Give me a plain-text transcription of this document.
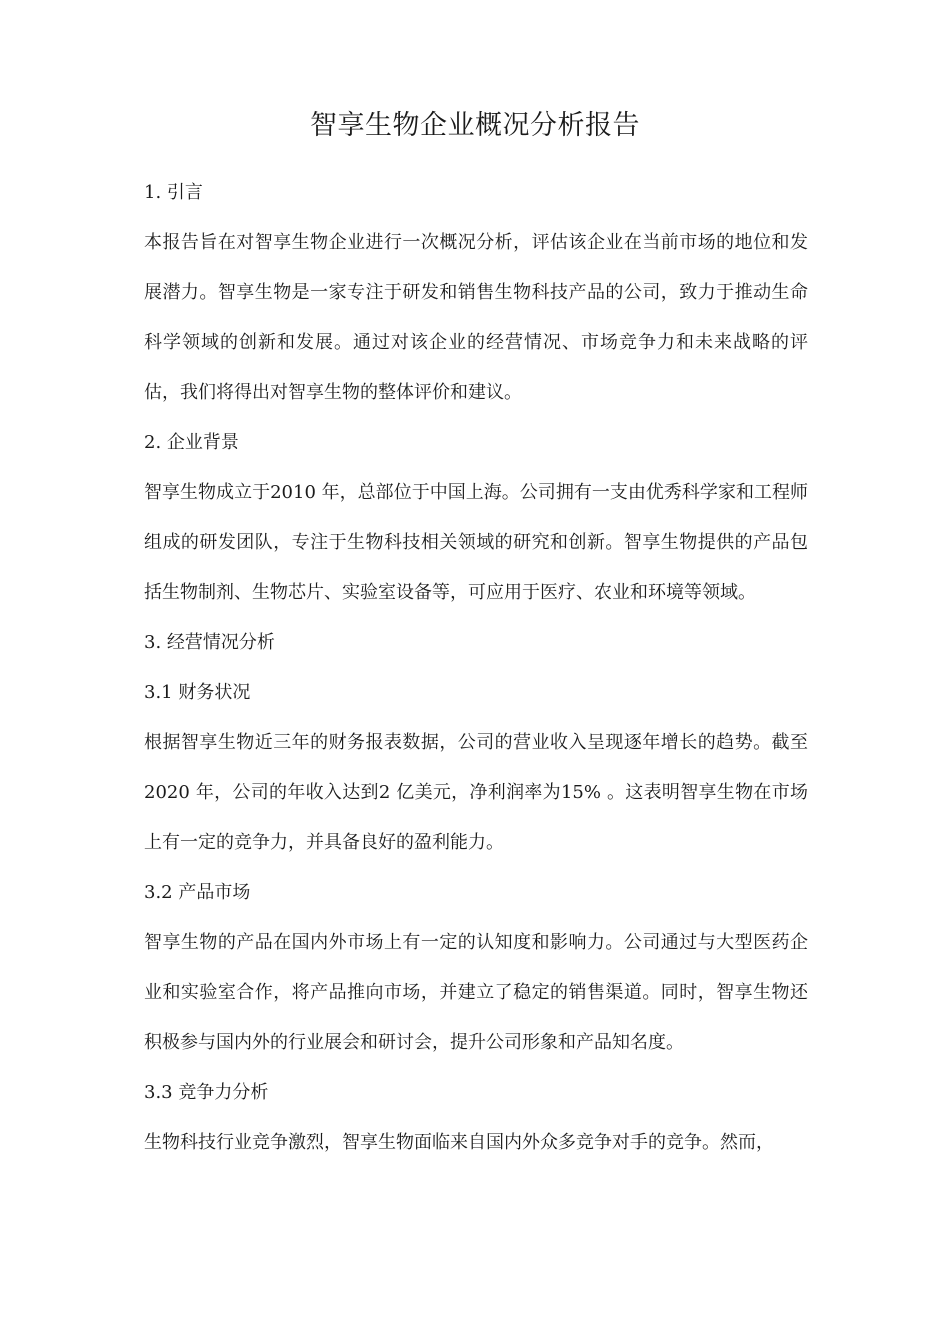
智享生物企业概况分析报告

1. 引言

本报告旨在对智享生物企业进行一次概况分析，评估该企业在当前市场的地位和发展潜力。智享生物是一家专注于研发和销售生物科技产品的公司，致力于推动生命科学领域的创新和发展。通过对该企业的经营情况、市场竞争力和未来战略的评估，我们将得出对智享生物的整体评价和建议。

2. 企业背景

智享生物成立于2010 年，总部位于中国上海。公司拥有一支由优秀科学家和工程师组成的研发团队，专注于生物科技相关领域的研究和创新。智享生物提供的产品包括生物制剂、生物芯片、实验室设备等，可应用于医疗、农业和环境等领域。

3. 经营情况分析

3.1 财务状况

根据智享生物近三年的财务报表数据，公司的营业收入呈现逐年增长的趋势。截至2020 年，公司的年收入达到2 亿美元，净利润率为15% 。这表明智享生物在市场上有一定的竞争力，并具备良好的盈利能力。

3.2 产品市场

智享生物的产品在国内外市场上有一定的认知度和影响力。公司通过与大型医药企业和实验室合作，将产品推向市场，并建立了稳定的销售渠道。同时，智享生物还积极参与国内外的行业展会和研讨会，提升公司形象和产品知名度。

3.3 竞争力分析

生物科技行业竞争激烈，智享生物面临来自国内外众多竞争对手的竞争。然而，
